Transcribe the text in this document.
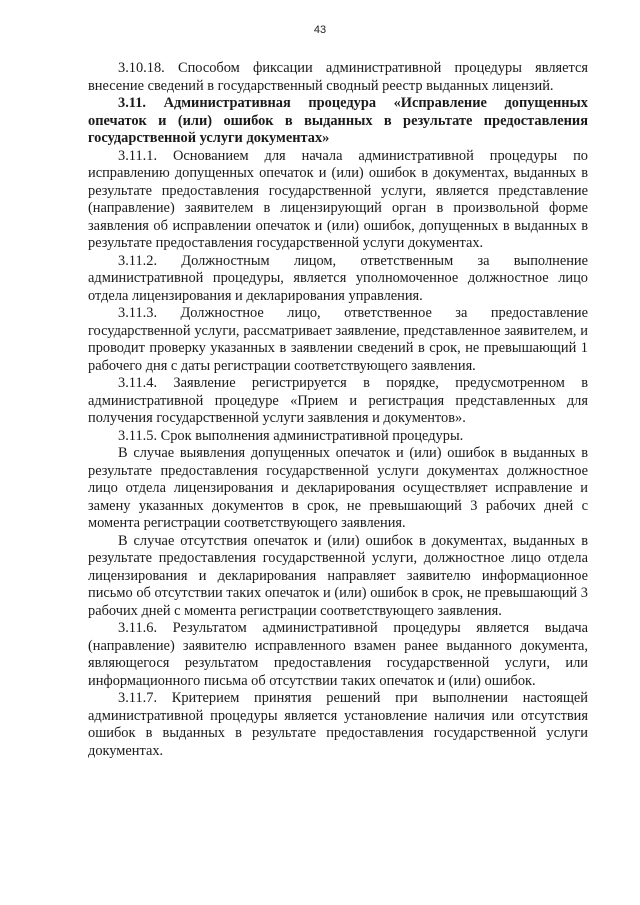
43

3.10.18. Способом фиксации административной процедуры является внесение сведений в государственный сводный реестр выданных лицензий.

3.11. Административная процедура «Исправление допущенных опечаток и (или) ошибок в выданных в результате предоставления государственной услуги документах»

3.11.1. Основанием для начала административной процедуры по исправлению допущенных опечаток и (или) ошибок в документах, выданных в результате предоставления государственной услуги, является представление (направление) заявителем в лицензирующий орган в произвольной форме заявления об исправлении опечаток и (или) ошибок, допущенных в выданных в результате предоставления государственной услуги документах.

3.11.2. Должностным лицом, ответственным за выполнение административной процедуры, является уполномоченное должностное лицо отдела лицензирования и декларирования управления.

3.11.3. Должностное лицо, ответственное за предоставление государственной услуги, рассматривает заявление, представленное заявителем, и проводит проверку указанных в заявлении сведений в срок, не превышающий 1 рабочего дня с даты регистрации соответствующего заявления.

3.11.4. Заявление регистрируется в порядке, предусмотренном в административной процедуре «Прием и регистрация представленных для получения государственной услуги заявления и документов».

3.11.5. Срок выполнения административной процедуры.

В случае выявления допущенных опечаток и (или) ошибок в выданных в результате предоставления государственной услуги документах должностное лицо отдела лицензирования и декларирования осуществляет исправление и замену указанных документов в срок, не превышающий 3 рабочих дней с момента регистрации соответствующего заявления.

В случае отсутствия опечаток и (или) ошибок в документах, выданных в результате предоставления государственной услуги, должностное лицо отдела лицензирования и декларирования направляет заявителю информационное письмо об отсутствии таких опечаток и (или) ошибок в срок, не превышающий 3 рабочих дней с момента регистрации соответствующего заявления.

3.11.6. Результатом административной процедуры является выдача (направление) заявителю исправленного взамен ранее выданного документа, являющегося результатом предоставления государственной услуги, или информационного письма об отсутствии таких опечаток и (или) ошибок.

3.11.7. Критерием принятия решений при выполнении настоящей административной процедуры является установление наличия или отсутствия ошибок в выданных в результате предоставления государственной услуги документах.
